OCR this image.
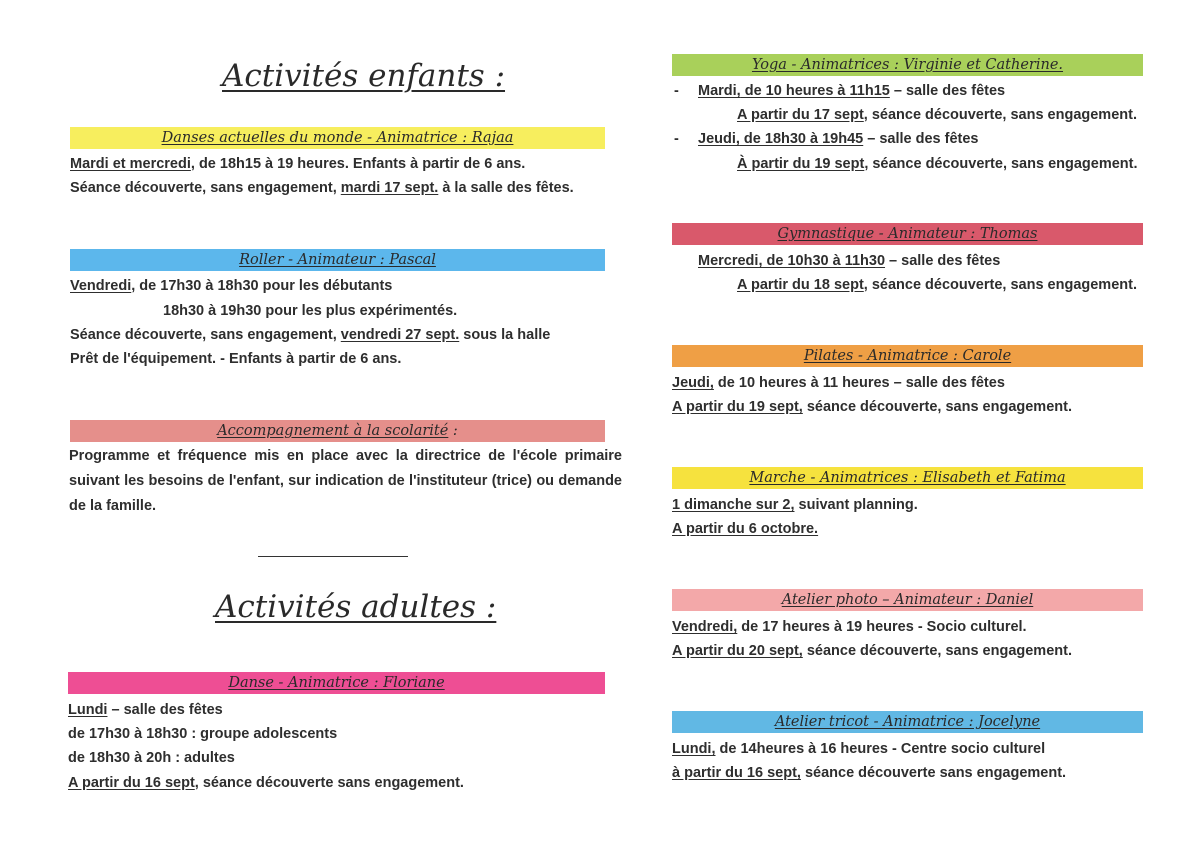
Activités enfants :
Danses actuelles du monde - Animatrice : Rajaa

Mardi et mercredi, de 18h15 à 19 heures. Enfants à partir de 6 ans.

Séance découverte, sans engagement, mardi 17 sept. à la salle des fêtes.

Roller - Animateur : Pascal

Vendredi, de 17h30 à 18h30 pour les débutants

18h30 à 19h30 pour les plus expérimentés.

Séance découverte, sans engagement, vendredi 27 sept. sous la halle

Prêt de l'équipement. - Enfants à partir de 6 ans.

Accompagnement à la scolarité :

Programme et fréquence mis en place avec la directrice de l'école primaire suivant les besoins de l'enfant, sur indication de l'instituteur (trice) ou demande de la famille.

Activités adultes :
Danse - Animatrice : Floriane

Lundi – salle des fêtes

de 17h30 à 18h30 : groupe adolescents

de 18h30 à 20h : adultes

A partir du 16 sept, séance découverte sans engagement.

Yoga - Animatrices : Virginie et Catherine.

- Mardi, de 10 heures à 11h15 – salle des fêtes

A partir du 17 sept, séance découverte, sans engagement.

- Jeudi, de 18h30 à 19h45 – salle des fêtes

À partir du 19 sept, séance découverte, sans engagement.

Gymnastique - Animateur : Thomas

Mercredi, de 10h30 à 11h30 – salle des fêtes

A partir du 18 sept, séance découverte, sans engagement.

Pilates - Animatrice : Carole

Jeudi, de 10 heures à 11 heures – salle des fêtes

A partir du 19 sept, séance découverte, sans engagement.

Marche - Animatrices : Elisabeth et Fatima

1 dimanche sur 2, suivant planning.

A partir du 6 octobre.

Atelier photo – Animateur : Daniel

Vendredi, de 17 heures à 19 heures - Socio culturel.

A partir du 20 sept, séance découverte, sans engagement.

Atelier tricot - Animatrice : Jocelyne

Lundi, de 14heures à 16 heures - Centre socio culturel

à partir du 16 sept, séance découverte sans engagement.
